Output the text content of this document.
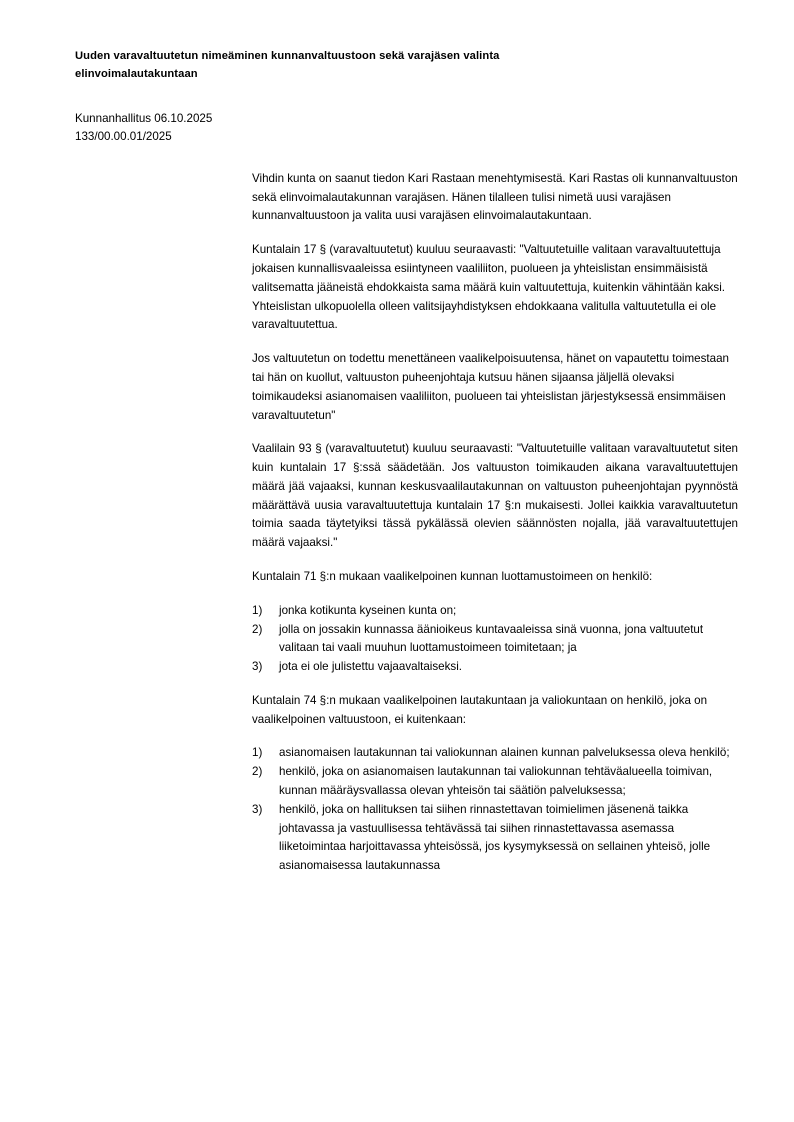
Uuden varavaltuutetun nimeäminen kunnanvaltuustoon sekä varajäsen valinta elinvoimalautakuntaan
Kunnanhallitus 06.10.2025
133/00.00.01/2025

Vihdin kunta on saanut tiedon Kari Rastaan menehtymisestä. Kari Rastas oli kunnanvaltuuston sekä elinvoimalautakunnan varajäsen. Hänen tilalleen tulisi nimetä uusi varajäsen kunnanvaltuustoon ja valita uusi varajäsen elinvoimalautakuntaan.

Kuntalain 17 § (varavaltuutetut) kuuluu seuraavasti: "Valtuutetuille valitaan varavaltuutettuja jokaisen kunnallisvaaleissa esiintyneen vaaliliiton, puolueen ja yhteislistan ensimmäisistä valitsematta jääneistä ehdokkaista sama määrä kuin valtuutettuja, kuitenkin vähintään kaksi. Yhteislistan ulkopuolella olleen valitsijayhdistyksen ehdokkaana valitulla valtuutetulla ei ole varavaltuutettua.

Jos valtuutetun on todettu menettäneen vaalikelpoisuutensa, hänet on vapautettu toimestaan tai hän on kuollut, valtuuston puheenjohtaja kutsuu hänen sijaansa jäljellä olevaksi toimikaudeksi asianomaisen vaaliliiton, puolueen tai yhteislistan järjestyksessä ensimmäisen varavaltuutetun"

Vaalilain 93 § (varavaltuutetut) kuuluu seuraavasti: "Valtuutetuille valitaan varavaltuutetut siten kuin kuntalain 17 §:ssä säädetään. Jos valtuuston toimikauden aikana varavaltuutettujen määrä jää vajaaksi, kunnan keskusvaalilautakunnan on valtuuston puheenjohtajan pyynnöstä määrättävä uusia varavaltuutettuja kuntalain 17 §:n mukaisesti. Jollei kaikkia varavaltuutetun toimia saada täytetyiksi tässä pykälässä olevien säännösten nojalla, jää varavaltuutettujen määrä vajaaksi."

Kuntalain 71 §:n mukaan vaalikelpoinen kunnan luottamustoimeen on henkilö:

1) jonka kotikunta kyseinen kunta on;
2) jolla on jossakin kunnassa äänioikeus kuntavaaleissa sinä vuonna, jona valtuutetut valitaan tai vaali muuhun luottamustoimeen toimitetaan; ja
3) jota ei ole julistettu vajaavaltaiseksi.

Kuntalain 74 §:n mukaan vaalikelpoinen lautakuntaan ja valiokuntaan on henkilö, joka on vaalikelpoinen valtuustoon, ei kuitenkaan:

1) asianomaisen lautakunnan tai valiokunnan alainen kunnan palveluksessa oleva henkilö;
2) henkilö, joka on asianomaisen lautakunnan tai valiokunnan tehtäväalueella toimivan, kunnan määräysvallassa olevan yhteisön tai säätiön palveluksessa;
3) henkilö, joka on hallituksen tai siihen rinnastettavan toimielimen jäsenenä taikka johtavassa ja vastuullisessa tehtävässä tai siihen rinnastettavassa asemassa liiketoimintaa harjoittavassa yhteisössä, jos kysymyksessä on sellainen yhteisö, jolle asianomaisessa lautakunnassa
